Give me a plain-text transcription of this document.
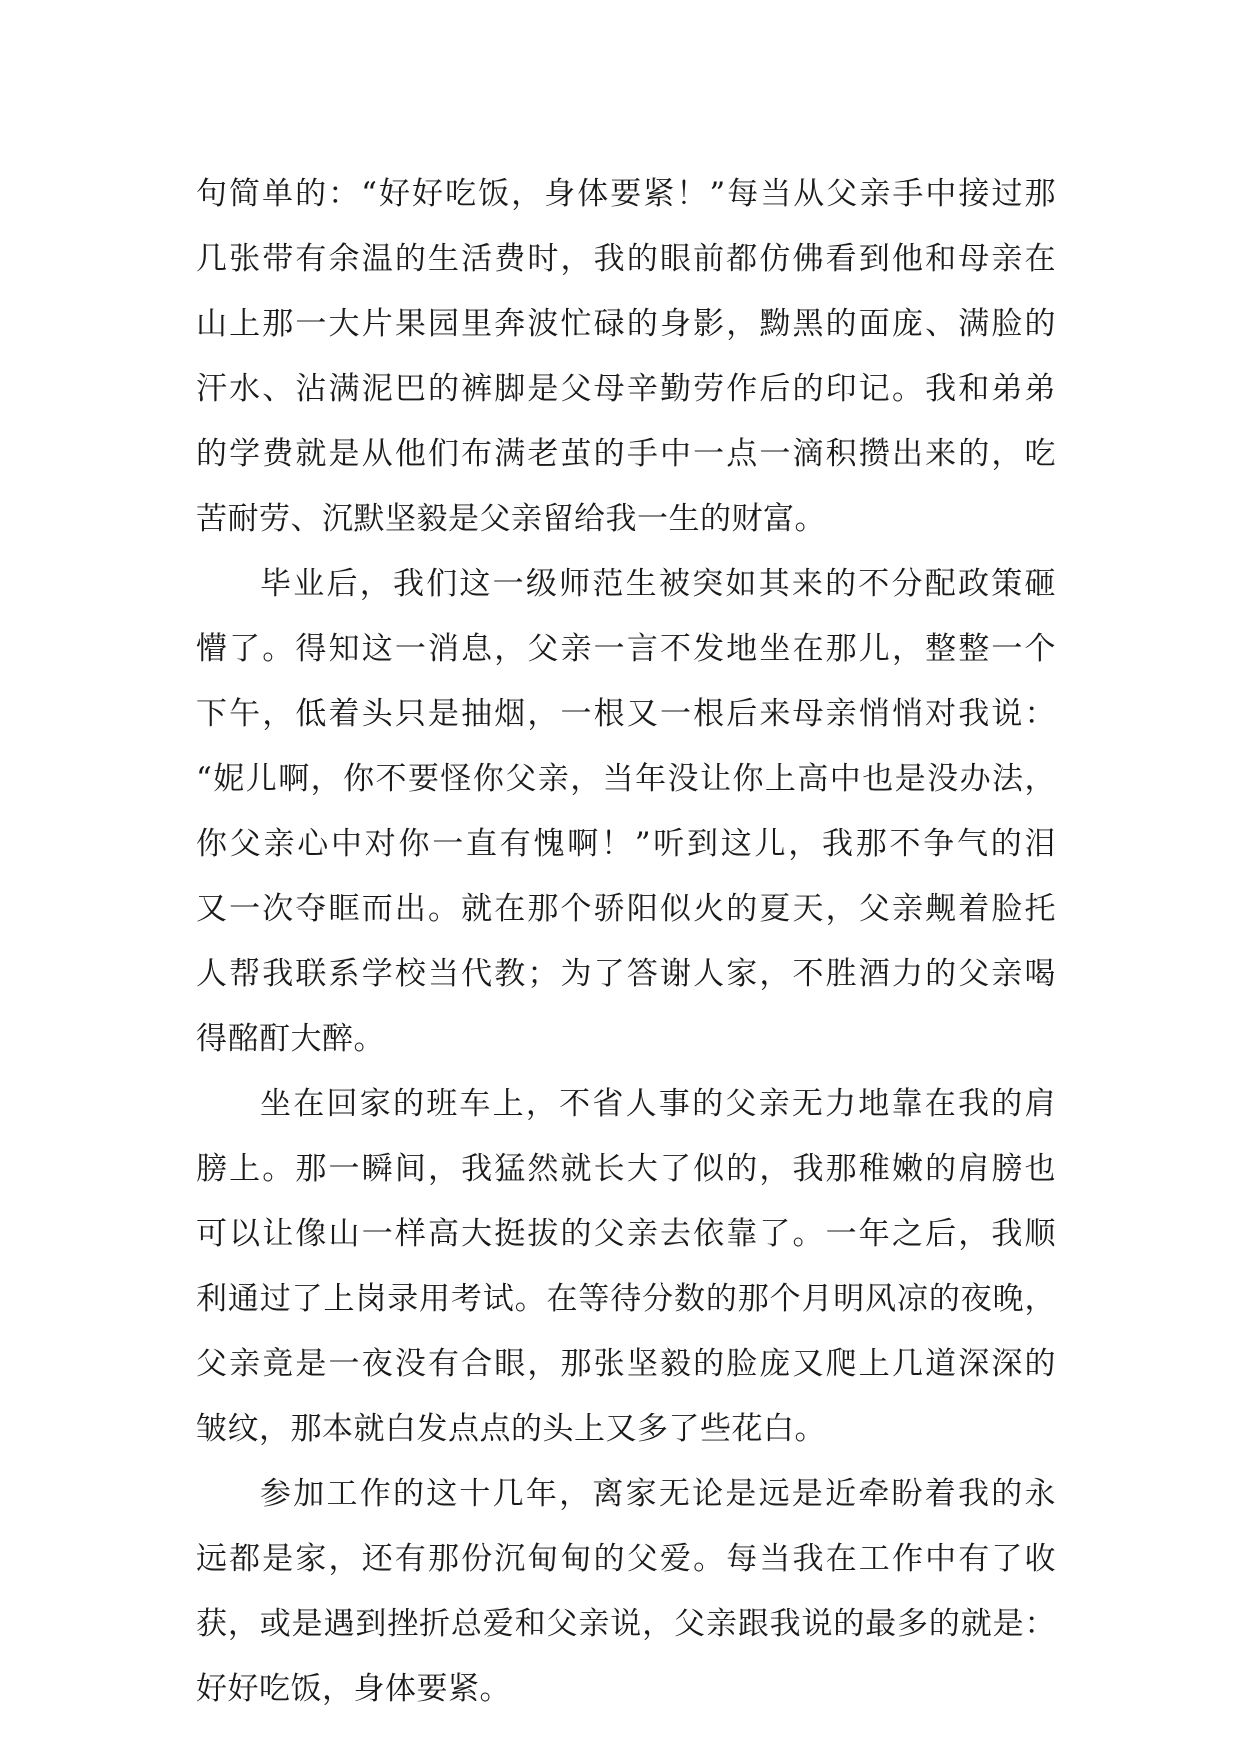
句简单的：“好好吃饭，身体要紧！”每当从父亲手中接过那
几张带有余温的生活费时，我的眼前都仿佛看到他和母亲在
山上那一大片果园里奔波忙碌的身影，黝黑的面庞、满脸的
汗水、沾满泥巴的裤脚是父母辛勤劳作后的印记。我和弟弟
的学费就是从他们布满老茧的手中一点一滴积攒出来的，吃
苦耐劳、沉默坚毅是父亲留给我一生的财富。
毕业后，我们这一级师范生被突如其来的不分配政策砸
懵了。得知这一消息，父亲一言不发地坐在那儿，整整一个
下午，低着头只是抽烟，一根又一根后来母亲悄悄对我说：
“妮儿啊，你不要怪你父亲，当年没让你上高中也是没办法，
你父亲心中对你一直有愧啊！”听到这儿，我那不争气的泪
又一次夺眶而出。就在那个骄阳似火的夏天，父亲觍着脸托
人帮我联系学校当代教；为了答谢人家，不胜酒力的父亲喝
得酩酊大醉。
坐在回家的班车上，不省人事的父亲无力地靠在我的肩
膀上。那一瞬间，我猛然就长大了似的，我那稚嫩的肩膀也
可以让像山一样高大挺拔的父亲去依靠了。一年之后，我顺
利通过了上岗录用考试。在等待分数的那个月明风凉的夜晚，
父亲竟是一夜没有合眼，那张坚毅的脸庞又爬上几道深深的
皱纹，那本就白发点点的头上又多了些花白。
参加工作的这十几年，离家无论是远是近牵盼着我的永
远都是家，还有那份沉甸甸的父爱。每当我在工作中有了收
获，或是遇到挫折总爱和父亲说，父亲跟我说的最多的就是：
好好吃饭，身体要紧。
